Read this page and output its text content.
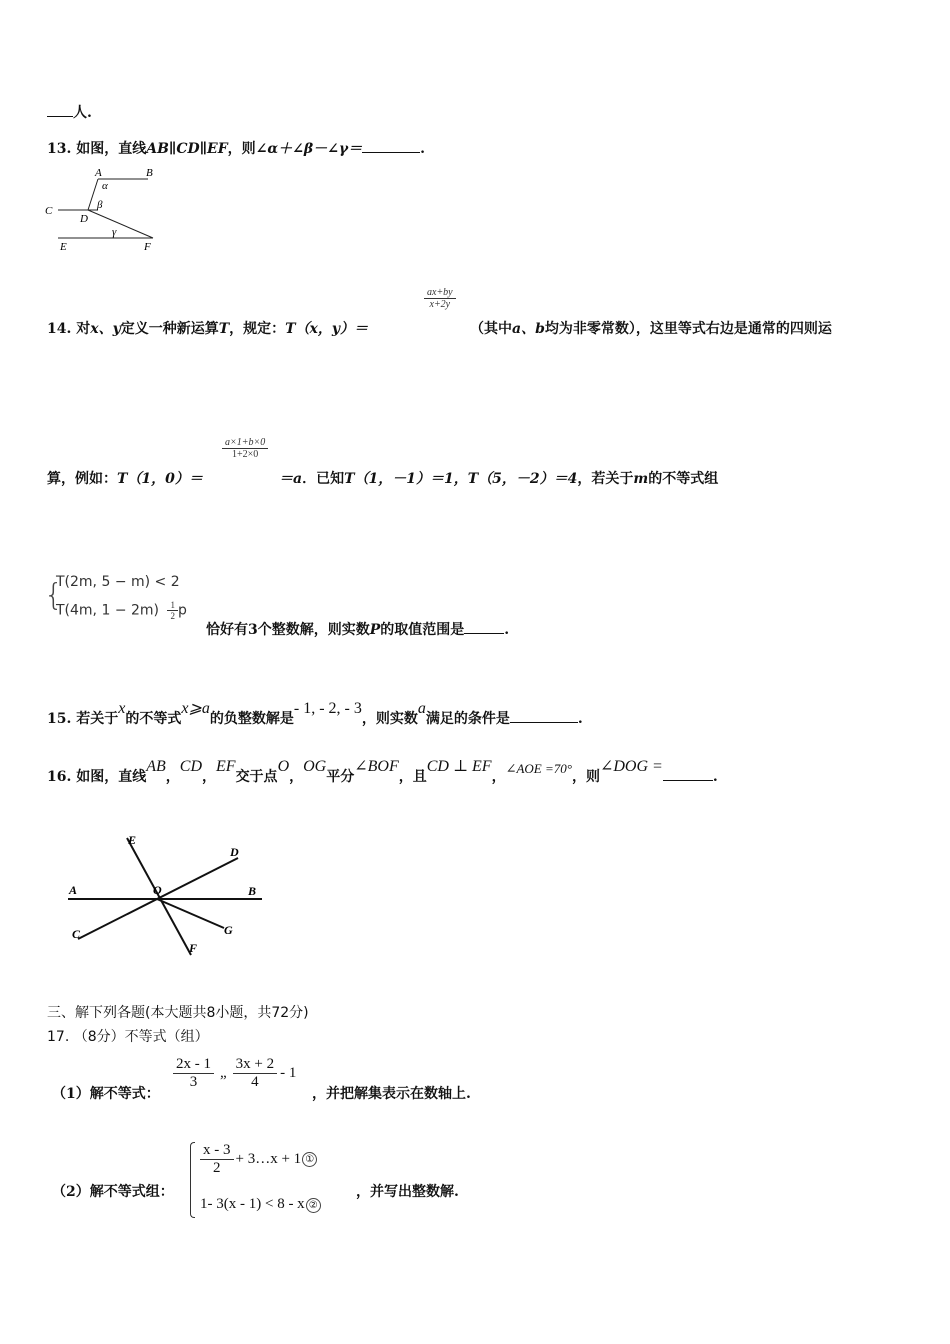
人.
13. 如图，直线AB∥CD∥EF，则∠α＋∠β－∠γ＝	.
A	B
C
D
E	F
α
β
γ
$\frac{ax+by}{x+2y}$
14. 对x、y定义一种新运算T，规定：T（x，y）＝	（其中a、b均为非零常数），这里等式右边是通常的四则运
$\frac{a\times 1+b\times 0}{1+2\times 0}$
算，例如：T（1，0）＝	＝a．已知T（1，－1）＝1，T（5，－2）＝4，若关于m的不等式组
{
T(2m, 5 − m) < 2
T(4m, $1 - 2m) \frac{1}{2}$ p
恰好有3个整数解，则实数P的取值范围是	.
15. 若关于x的不等式x⩾a的负整数解是- 1, - 2, - 3，则实数a满足的条件是	.
16. 如图，直线AB，CD，EF交于点O，OG平分∠BOF，且CD ⊥ EF，∠AOE =70°，则∠DOG =.
A	B
C
D
E
F
G
O
三、解下列各题(本大题共8小题，共72分)
17. （8分）不等式（组）
（1）解不等式：
$\frac{2x - 1}{3}$ „ $\frac{3x + 2}{4} - 1$
，并把解集表示在数轴上.
（2）解不等式组：
$\frac{x - 3}{2}$ + 3…x + 1 ①
1- 3(x - 1) < 8 - x ②
，并写出整数解.
